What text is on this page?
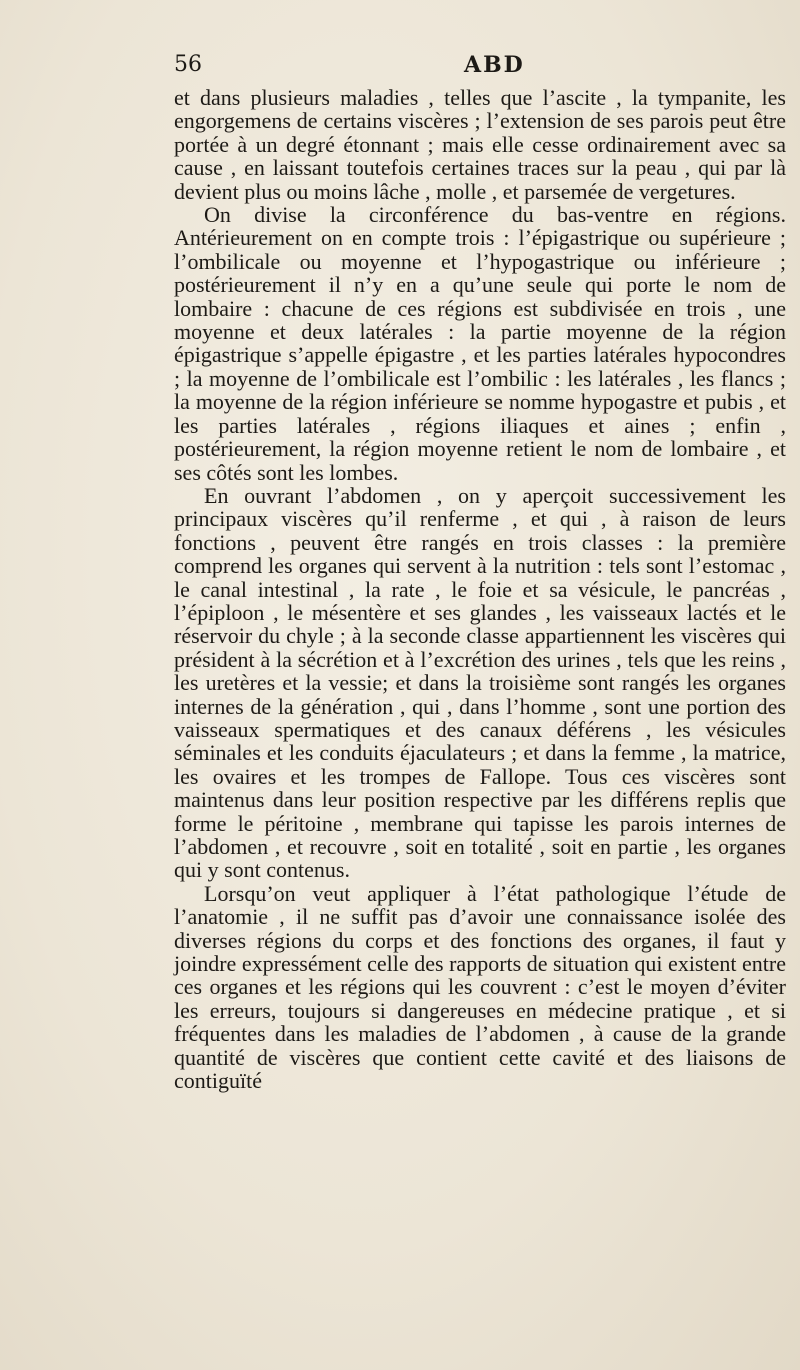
56	ABD

et dans plusieurs maladies , telles que l’ascite , la tympanite, les engorgemens de certains viscères ; l’extension de ses parois peut être portée à un degré étonnant ; mais elle cesse ordinairement avec sa cause , en laissant toutefois certaines traces sur la peau , qui par là devient plus ou moins lâche , molle , et parsemée de vergetures.

On divise la circonférence du bas-ventre en régions. Antérieurement on en compte trois : l’épigastrique ou supérieure ; l’ombilicale ou moyenne et l’hypogastrique ou inférieure ; postérieurement il n’y en a qu’une seule qui porte le nom de lombaire : chacune de ces régions est subdivisée en trois , une moyenne et deux latérales : la partie moyenne de la région épigastrique s’appelle épigastre , et les parties latérales hypocondres ; la moyenne de l’ombilicale est l’ombilic : les latérales , les flancs ; la moyenne de la région inférieure se nomme hypogastre et pubis , et les parties latérales , régions iliaques et aines ; enfin , postérieurement, la région moyenne retient le nom de lombaire , et ses côtés sont les lombes.

En ouvrant l’abdomen , on y aperçoit successivement les principaux viscères qu’il renferme , et qui , à raison de leurs fonctions , peuvent être rangés en trois classes : la première comprend les organes qui servent à la nutrition : tels sont l’estomac , le canal intestinal , la rate , le foie et sa vésicule, le pancréas , l’épiploon , le mésentère et ses glandes , les vaisseaux lactés et le réservoir du chyle ; à la seconde classe appartiennent les viscères qui président à la sécrétion et à l’excrétion des urines , tels que les reins , les uretères et la vessie; et dans la troisième sont rangés les organes internes de la génération , qui , dans l’homme , sont une portion des vaisseaux spermatiques et des canaux déférens , les vésicules séminales et les conduits éjaculateurs ; et dans la femme , la matrice, les ovaires et les trompes de Fallope. Tous ces viscères sont maintenus dans leur position respective par les différens replis que forme le péritoine , membrane qui tapisse les parois internes de l’abdomen , et recouvre , soit en totalité , soit en partie , les organes qui y sont contenus.

Lorsqu’on veut appliquer à l’état pathologique l’étude de l’anatomie , il ne suffit pas d’avoir une connaissance isolée des diverses régions du corps et des fonctions des organes, il faut y joindre expressément celle des rapports de situation qui existent entre ces organes et les régions qui les couvrent : c’est le moyen d’éviter les erreurs, toujours si dangereuses en médecine pratique , et si fréquentes dans les maladies de l’abdomen , à cause de la grande quantité de viscères que contient cette cavité et des liaisons de contiguïté
